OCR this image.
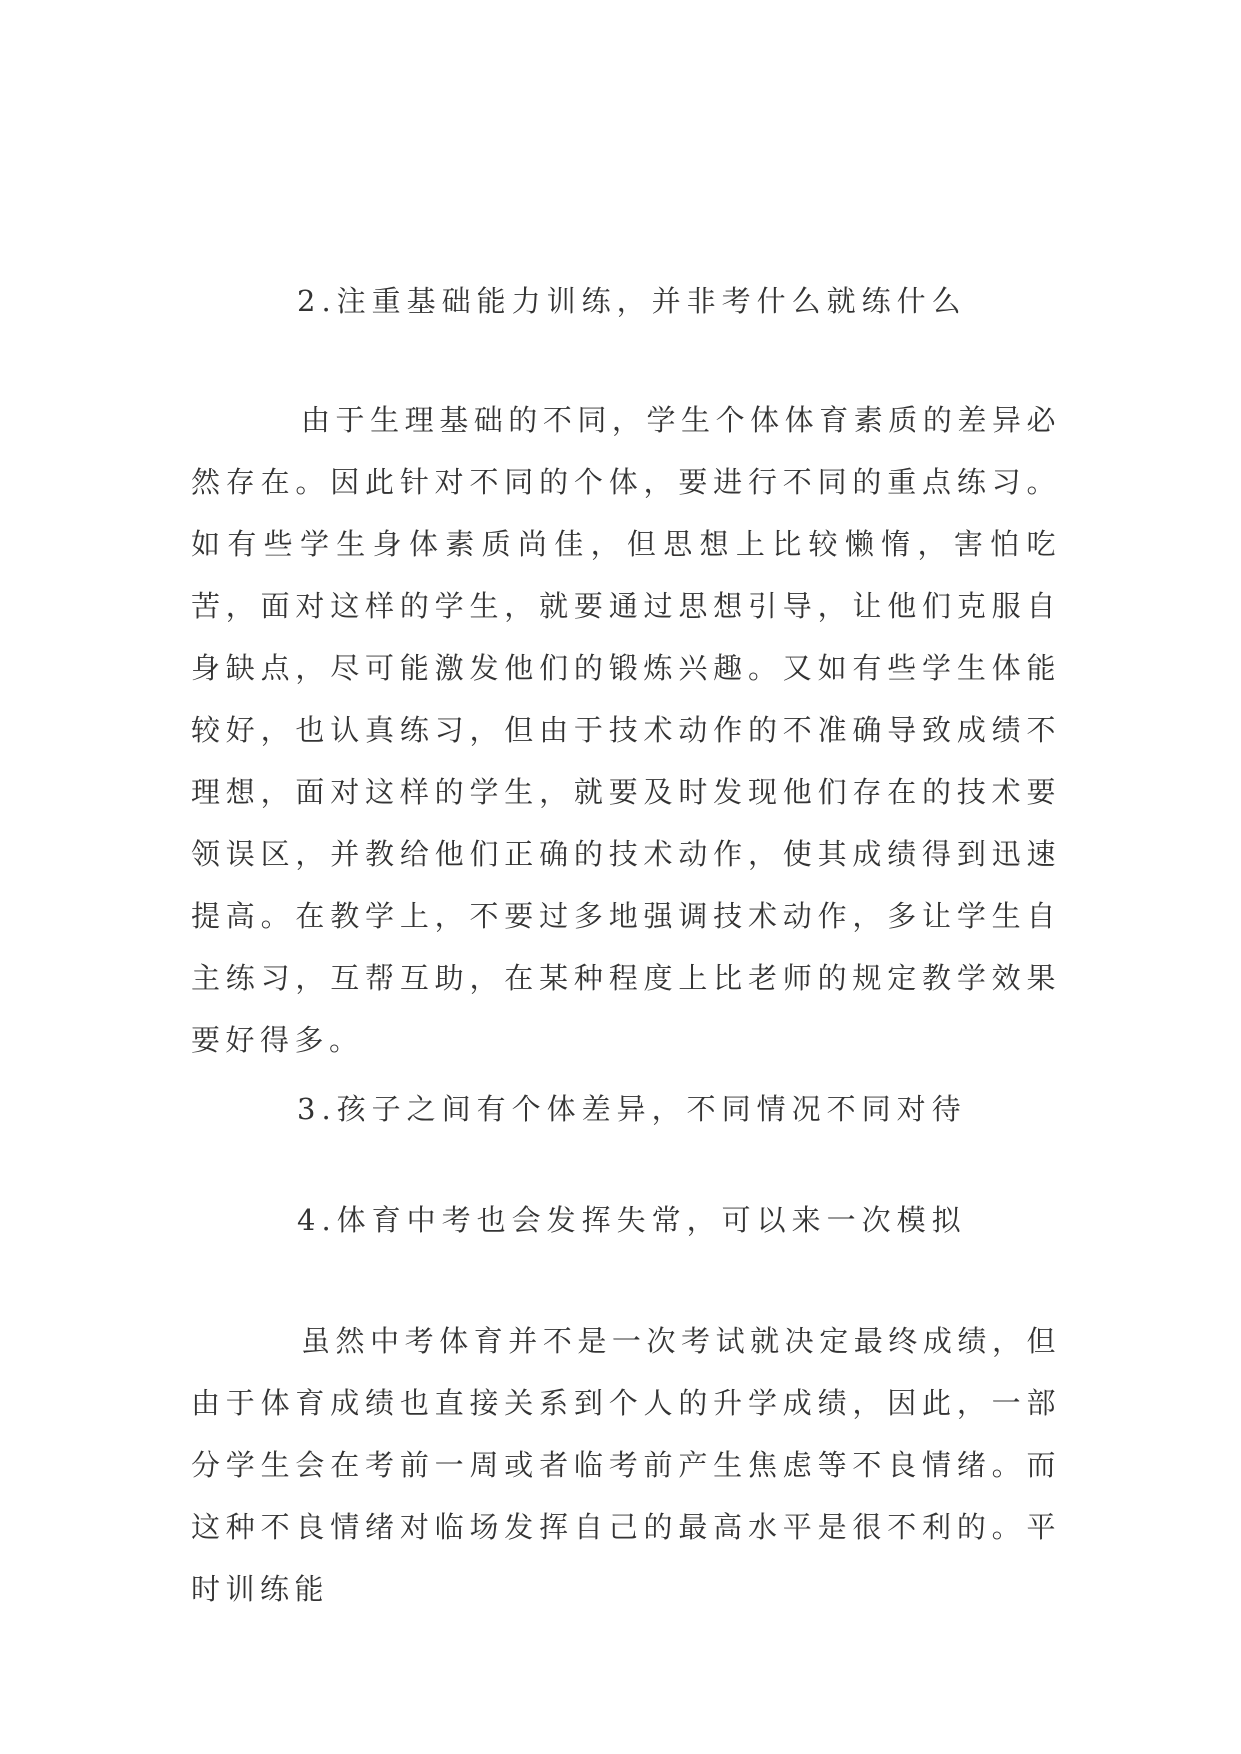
2.注重基础能力训练，并非考什么就练什么

由于生理基础的不同，学生个体体育素质的差异必然存在。因此针对不同的个体，要进行不同的重点练习。如有些学生身体素质尚佳，但思想上比较懒惰，害怕吃苦，面对这样的学生，就要通过思想引导，让他们克服自身缺点，尽可能激发他们的锻炼兴趣。又如有些学生体能较好，也认真练习，但由于技术动作的不准确导致成绩不理想，面对这样的学生，就要及时发现他们存在的技术要领误区，并教给他们正确的技术动作，使其成绩得到迅速提高。在教学上，不要过多地强调技术动作，多让学生自主练习，互帮互助，在某种程度上比老师的规定教学效果要好得多。

3.孩子之间有个体差异，不同情况不同对待
4.体育中考也会发挥失常，可以来一次模拟

虽然中考体育并不是一次考试就决定最终成绩，但由于体育成绩也直接关系到个人的升学成绩，因此，一部分学生会在考前一周或者临考前产生焦虑等不良情绪。而这种不良情绪对临场发挥自己的最高水平是很不利的。平时训练能
